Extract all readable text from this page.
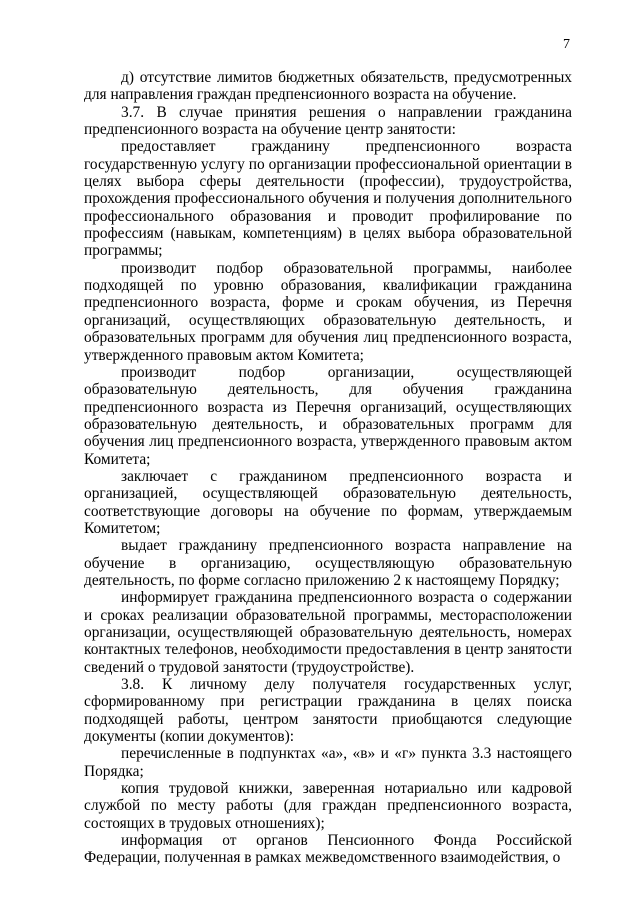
7

д) отсутствие лимитов бюджетных обязательств, предусмотренных для направления граждан предпенсионного возраста на обучение.

3.7. В случае принятия решения о направлении гражданина предпенсионного возраста на обучение центр занятости:

предоставляет гражданину предпенсионного возраста государственную услугу по организации профессиональной ориентации в целях выбора сферы деятельности (профессии), трудоустройства, прохождения профессионального обучения и получения дополнительного профессионального образования и проводит профилирование по профессиям (навыкам, компетенциям) в целях выбора образовательной программы;

производит подбор образовательной программы, наиболее подходящей по уровню образования, квалификации гражданина предпенсионного возраста, форме и срокам обучения, из Перечня организаций, осуществляющих образовательную деятельность, и образовательных программ для обучения лиц предпенсионного возраста, утвержденного правовым актом Комитета;

производит подбор организации, осуществляющей образовательную деятельность, для обучения гражданина предпенсионного возраста из Перечня организаций, осуществляющих образовательную деятельность, и образовательных программ для обучения лиц предпенсионного возраста, утвержденного правовым актом Комитета;

заключает с гражданином предпенсионного возраста и организацией, осуществляющей образовательную деятельность, соответствующие договоры на обучение по формам, утверждаемым Комитетом;

выдает гражданину предпенсионного возраста направление на обучение в организацию, осуществляющую образовательную деятельность, по форме согласно приложению 2 к настоящему Порядку;

информирует гражданина предпенсионного возраста о содержании и сроках реализации образовательной программы, месторасположении организации, осуществляющей образовательную деятельность, номерах контактных телефонов, необходимости предоставления в центр занятости сведений о трудовой занятости (трудоустройстве).

3.8. К личному делу получателя государственных услуг, сформированному при регистрации гражданина в целях поиска подходящей работы, центром занятости приобщаются следующие документы (копии документов):

перечисленные в подпунктах «а», «в» и «г» пункта 3.3 настоящего Порядка;

копия трудовой книжки, заверенная нотариально или кадровой службой по месту работы (для граждан предпенсионного возраста, состоящих в трудовых отношениях);

информация от органов Пенсионного Фонда Российской Федерации, полученная в рамках межведомственного взаимодействия, о
